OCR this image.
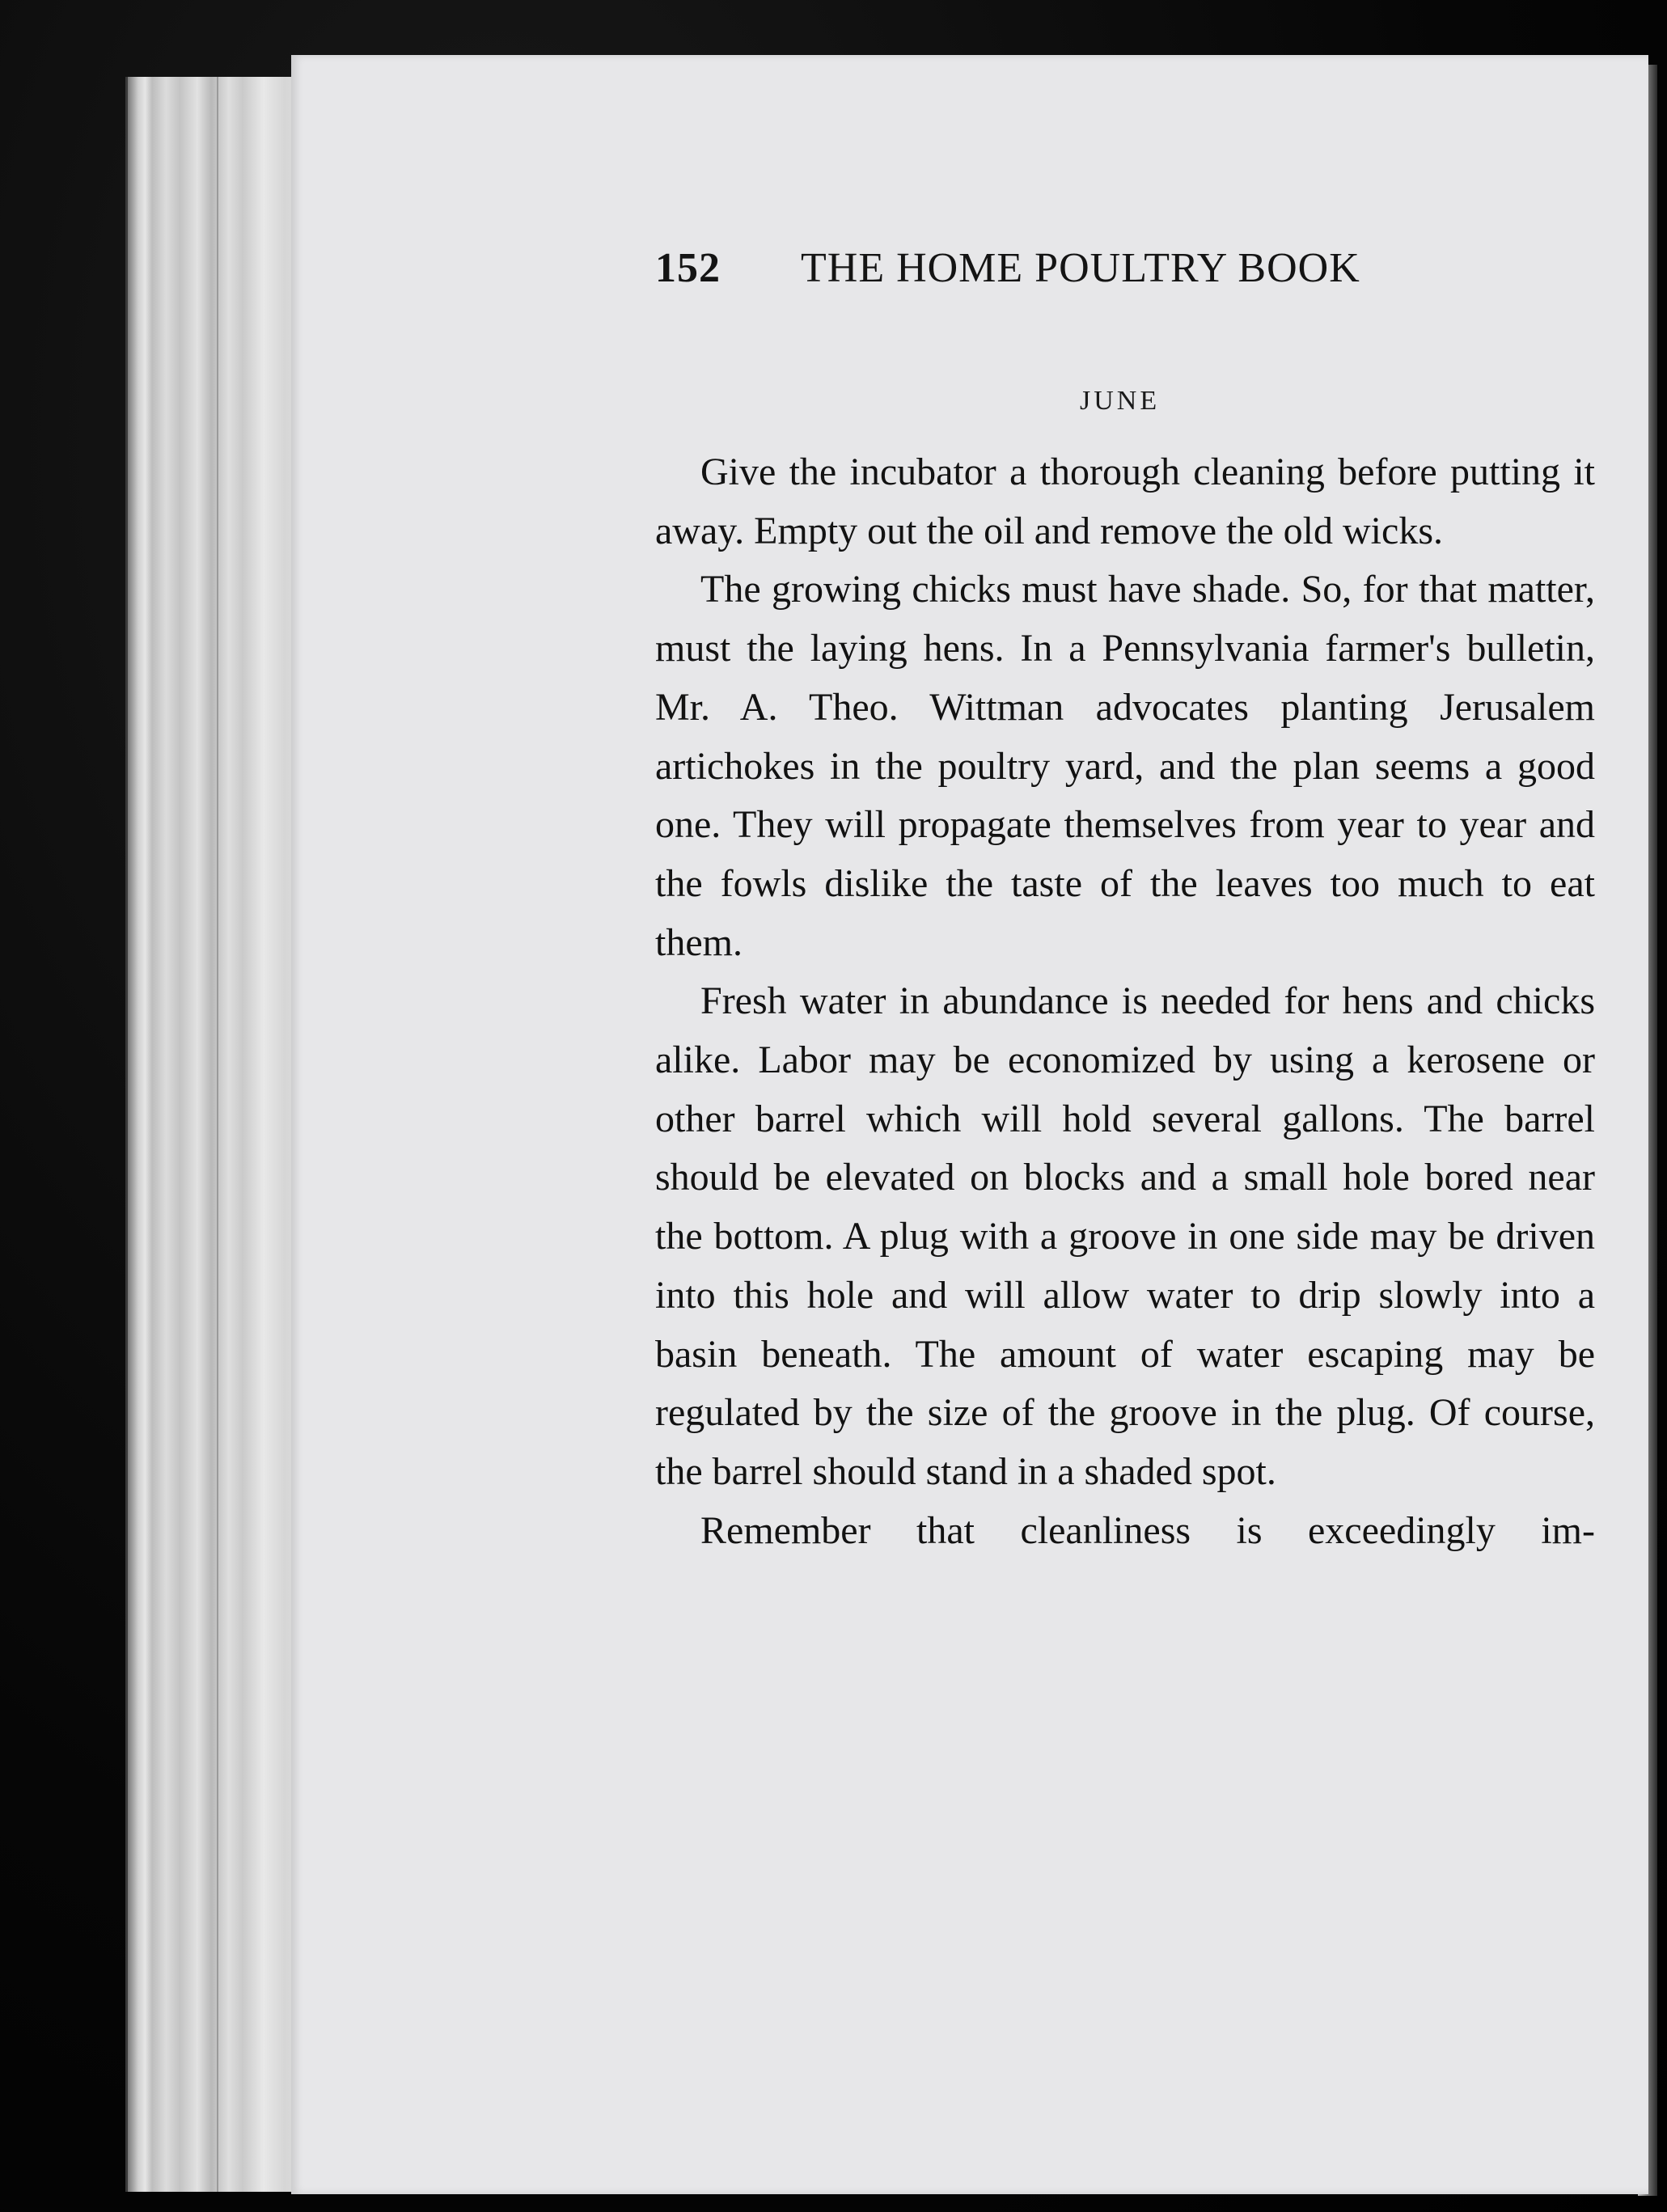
152 THE HOME POULTRY BOOK
JUNE

Give the incubator a thorough cleaning before putting it away. Empty out the oil and remove the old wicks.

The growing chicks must have shade. So, for that matter, must the laying hens. In a Pennsylvania farmer's bulletin, Mr. A. Theo. Wittman advocates planting Jerusalem artichokes in the poultry yard, and the plan seems a good one. They will propagate themselves from year to year and the fowls dislike the taste of the leaves too much to eat them.

Fresh water in abundance is needed for hens and chicks alike. Labor may be economized by using a kerosene or other barrel which will hold several gallons. The barrel should be elevated on blocks and a small hole bored near the bottom. A plug with a groove in one side may be driven into this hole and will allow water to drip slowly into a basin beneath. The amount of water escaping may be regulated by the size of the groove in the plug. Of course, the barrel should stand in a shaded spot.

Remember that cleanliness is exceedingly im-
